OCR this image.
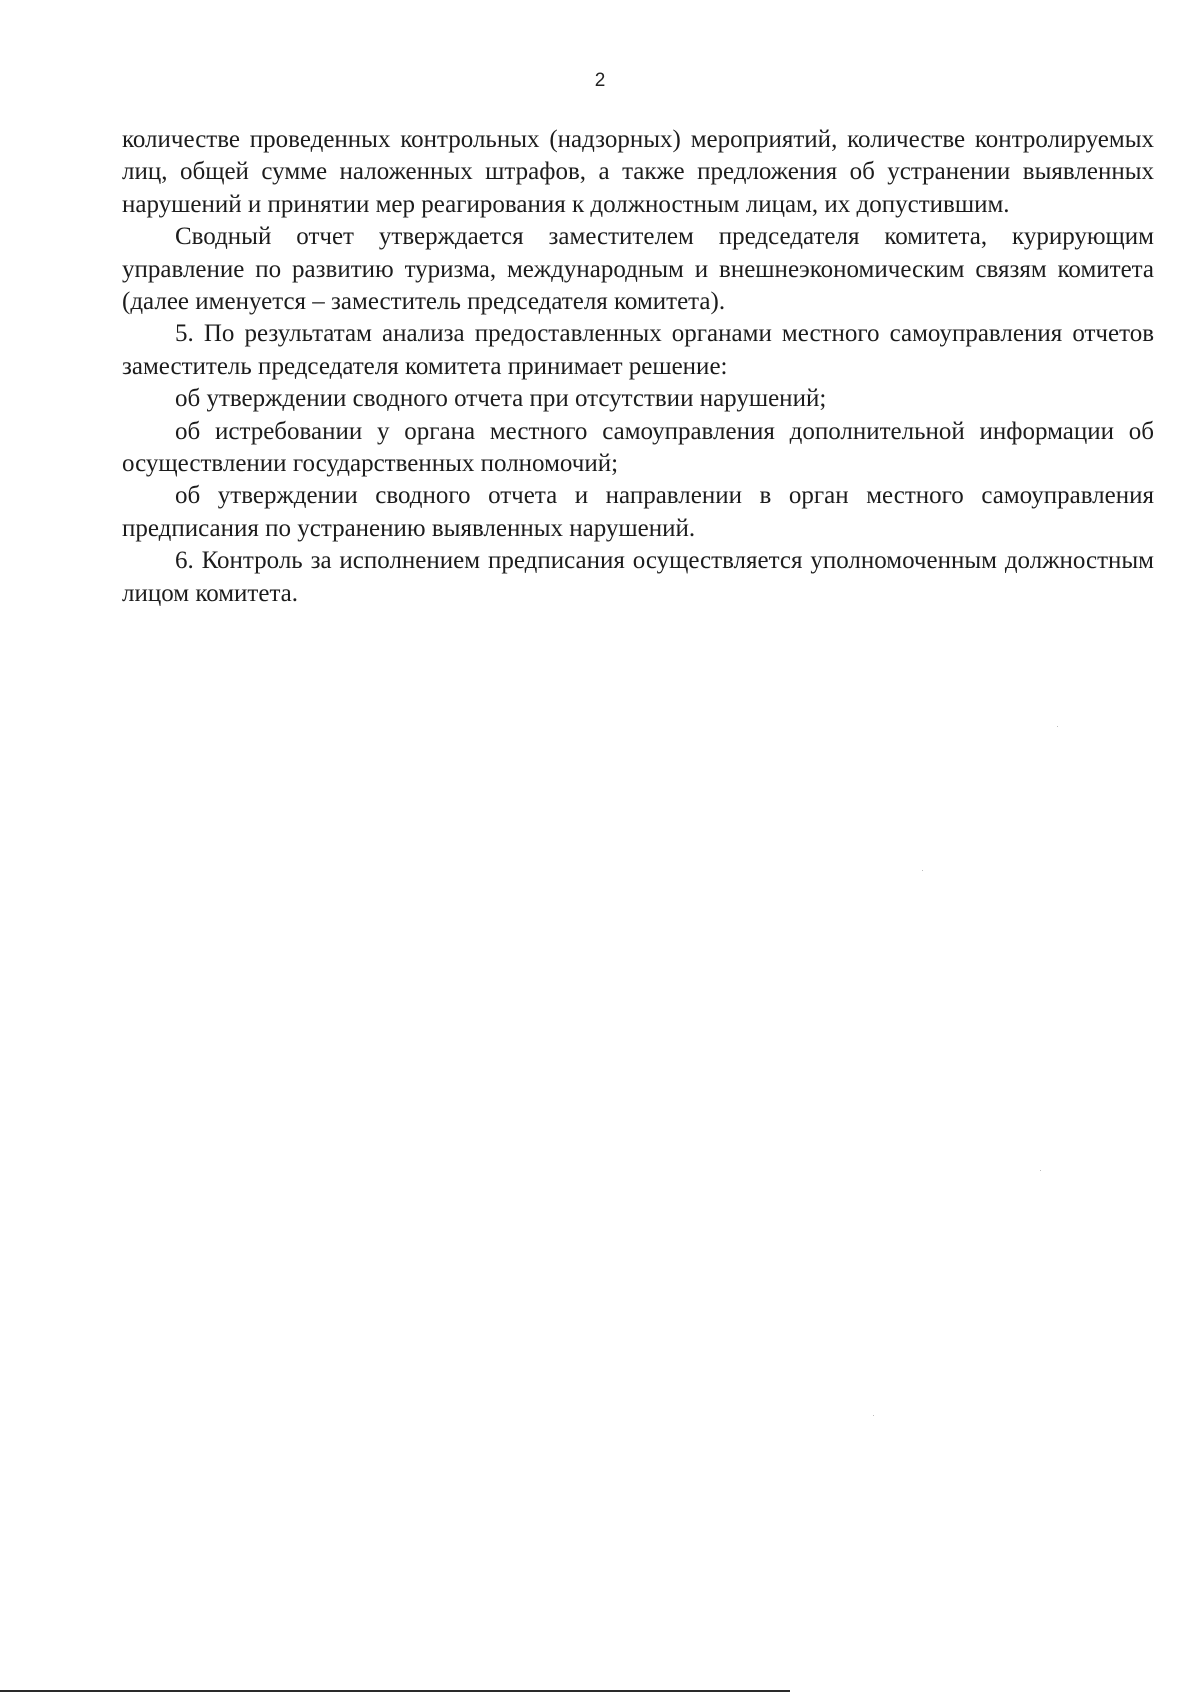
2

количестве проведенных контрольных (надзорных) мероприятий, количестве контролируемых лиц, общей сумме наложенных штрафов, а также предложения об устранении выявленных нарушений и принятии мер реагирования к должностным лицам, их допустившим.

Сводный отчет утверждается заместителем председателя комитета, курирующим управление по развитию туризма, международным и внешнеэкономическим связям комитета (далее именуется – заместитель председателя комитета).

5. По результатам анализа предоставленных органами местного самоуправления отчетов заместитель председателя комитета принимает решение:

об утверждении сводного отчета при отсутствии нарушений;

об истребовании у органа местного самоуправления дополнительной информации об осуществлении государственных полномочий;

об утверждении сводного отчета и направлении в орган местного самоуправления предписания по устранению выявленных нарушений.

6. Контроль за исполнением предписания осуществляется уполномоченным должностным лицом комитета.
